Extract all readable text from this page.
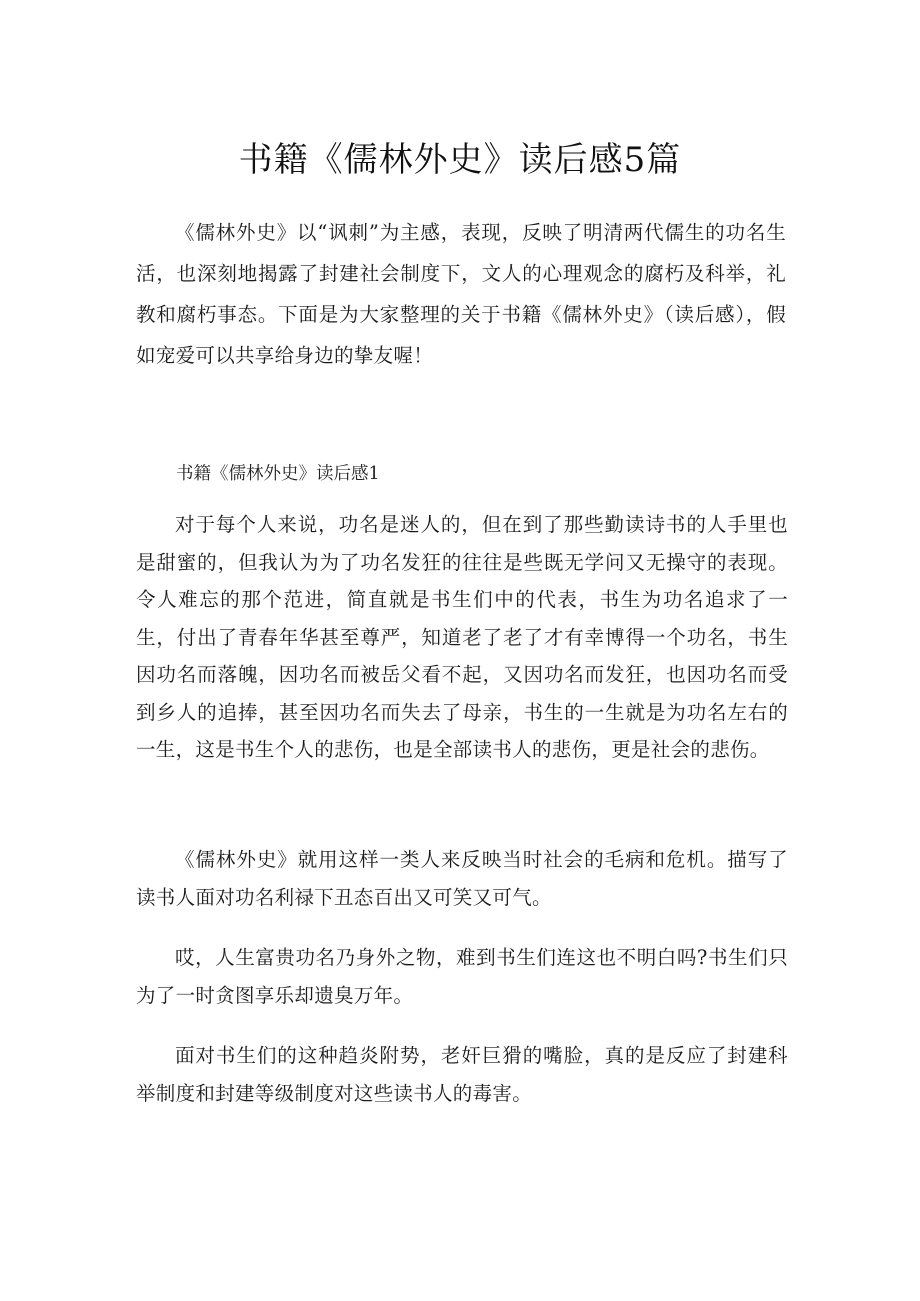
书籍《儒林外史》读后感5篇

《儒林外史》以“讽刺”为主感，表现，反映了明清两代儒生的功名生活，也深刻地揭露了封建社会制度下，文人的心理观念的腐朽及科举，礼教和腐朽事态。下面是为大家整理的关于书籍《儒林外史》（读后感），假如宠爱可以共享给身边的挚友喔！

书籍《儒林外史》读后感1

对于每个人来说，功名是迷人的，但在到了那些勤读诗书的人手里也是甜蜜的，但我认为为了功名发狂的往往是些既无学问又无操守的表现。令人难忘的那个范进，简直就是书生们中的代表，书生为功名追求了一生，付出了青春年华甚至尊严，知道老了老了才有幸博得一个功名，书生因功名而落魄，因功名而被岳父看不起，又因功名而发狂，也因功名而受到乡人的追捧，甚至因功名而失去了母亲，书生的一生就是为功名左右的一生，这是书生个人的悲伤，也是全部读书人的悲伤，更是社会的悲伤。

《儒林外史》就用这样一类人来反映当时社会的毛病和危机。描写了读书人面对功名利禄下丑态百出又可笑又可气。

哎，人生富贵功名乃身外之物，难到书生们连这也不明白吗?书生们只为了一时贪图享乐却遗臭万年。

面对书生们的这种趋炎附势，老奸巨猾的嘴脸，真的是反应了封建科举制度和封建等级制度对这些读书人的毒害。
